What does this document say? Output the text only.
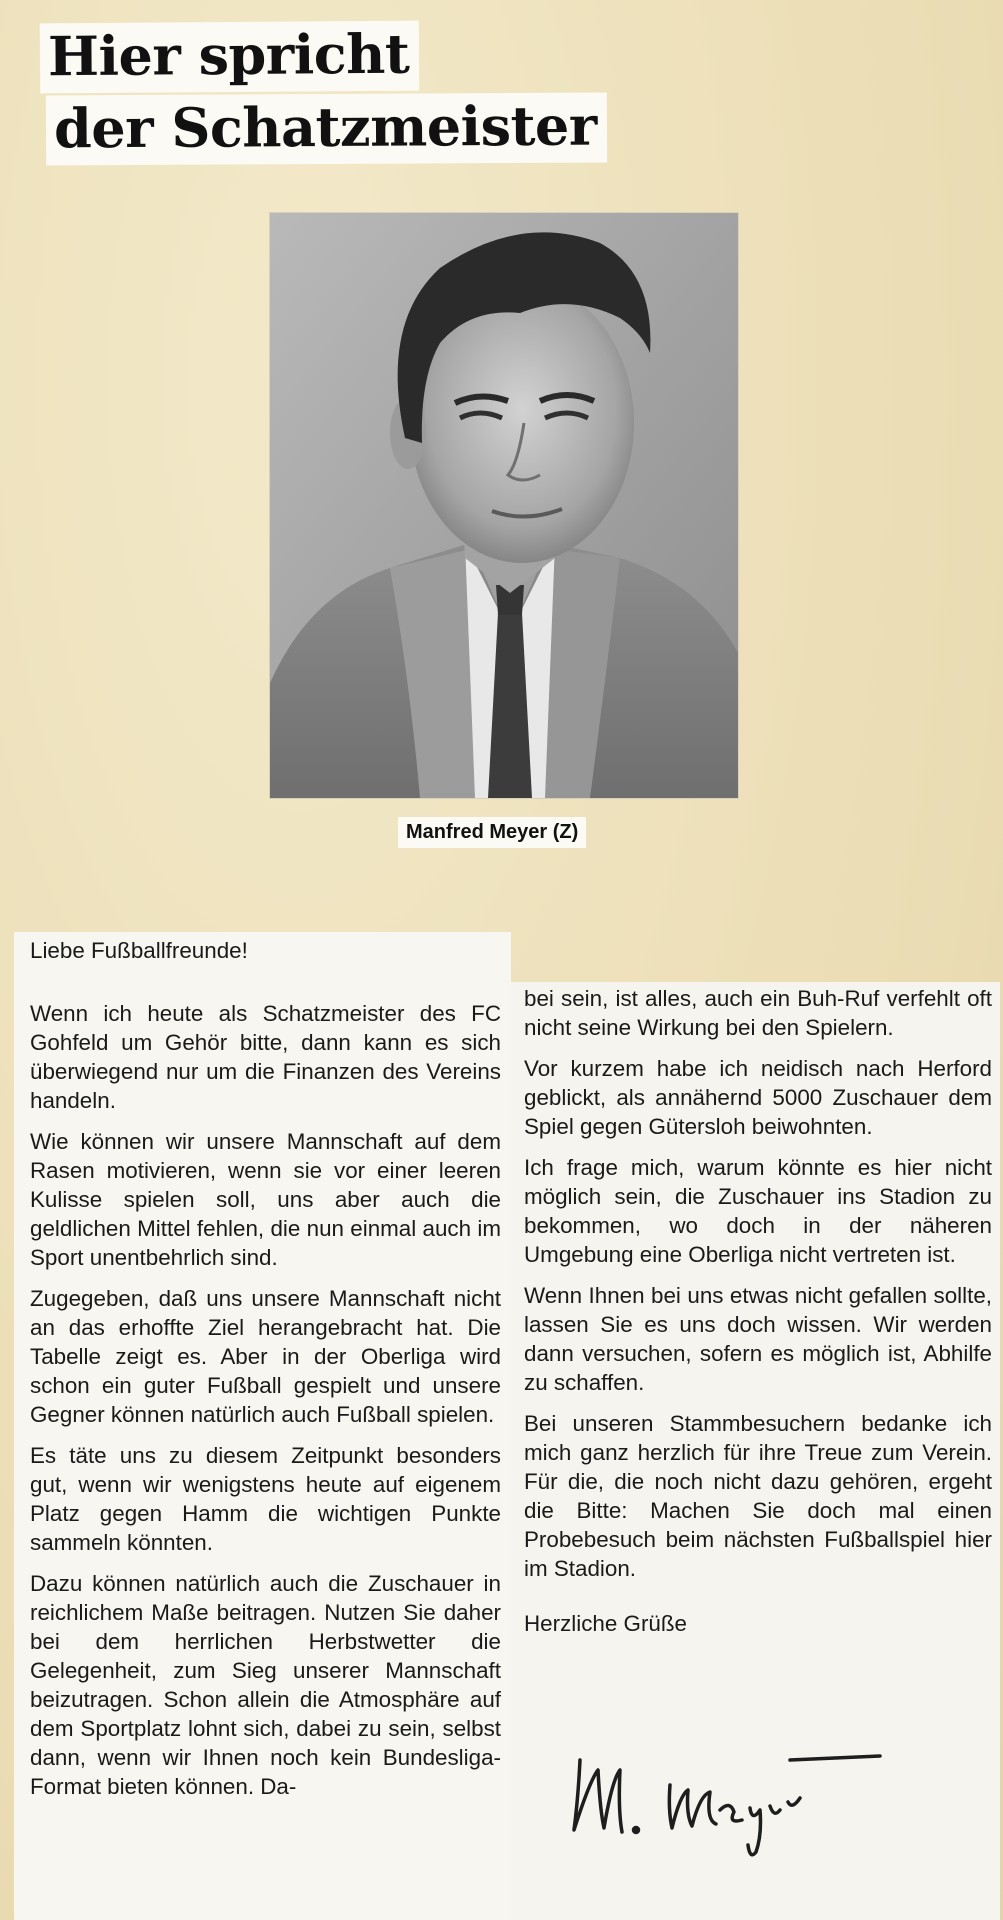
Hier spricht
der Schatzmeister
Manfred Meyer (Z)

Liebe Fußballfreunde!

Wenn ich heute als Schatzmeister des FC Gohfeld um Gehör bitte, dann kann es sich überwiegend nur um die Finanzen des Vereins handeln.

Wie können wir unsere Mannschaft auf dem Rasen motivieren, wenn sie vor einer leeren Kulisse spielen soll, uns aber auch die geldlichen Mittel fehlen, die nun einmal auch im Sport unentbehrlich sind.

Zugegeben, daß uns unsere Mannschaft nicht an das erhoffte Ziel herangebracht hat. Die Tabelle zeigt es. Aber in der Oberliga wird schon ein guter Fußball gespielt und unsere Gegner können natürlich auch Fußball spielen.

Es täte uns zu diesem Zeitpunkt besonders gut, wenn wir wenigstens heute auf eigenem Platz gegen Hamm die wichtigen Punkte sammeln könnten.

Dazu können natürlich auch die Zuschauer in reichlichem Maße beitragen. Nutzen Sie daher bei dem herrlichen Herbstwetter die Gelegenheit, zum Sieg unserer Mannschaft beizutragen. Schon allein die Atmosphäre auf dem Sportplatz lohnt sich, dabei zu sein, selbst dann, wenn wir Ihnen noch kein Bundesliga-Format bieten können. Da-

bei sein, ist alles, auch ein Buh-Ruf verfehlt oft nicht seine Wirkung bei den Spielern.

Vor kurzem habe ich neidisch nach Herford geblickt, als annähernd 5000 Zuschauer dem Spiel gegen Gütersloh beiwohnten.

Ich frage mich, warum könnte es hier nicht möglich sein, die Zuschauer ins Stadion zu bekommen, wo doch in der näheren Umgebung eine Oberliga nicht vertreten ist.

Wenn Ihnen bei uns etwas nicht gefallen sollte, lassen Sie es uns doch wissen. Wir werden dann versuchen, sofern es möglich ist, Abhilfe zu schaffen.

Bei unseren Stammbesuchern bedanke ich mich ganz herzlich für ihre Treue zum Verein. Für die, die noch nicht dazu gehören, ergeht die Bitte: Machen Sie doch mal einen Probebesuch beim nächsten Fußballspiel hier im Stadion.

Herzliche Grüße
